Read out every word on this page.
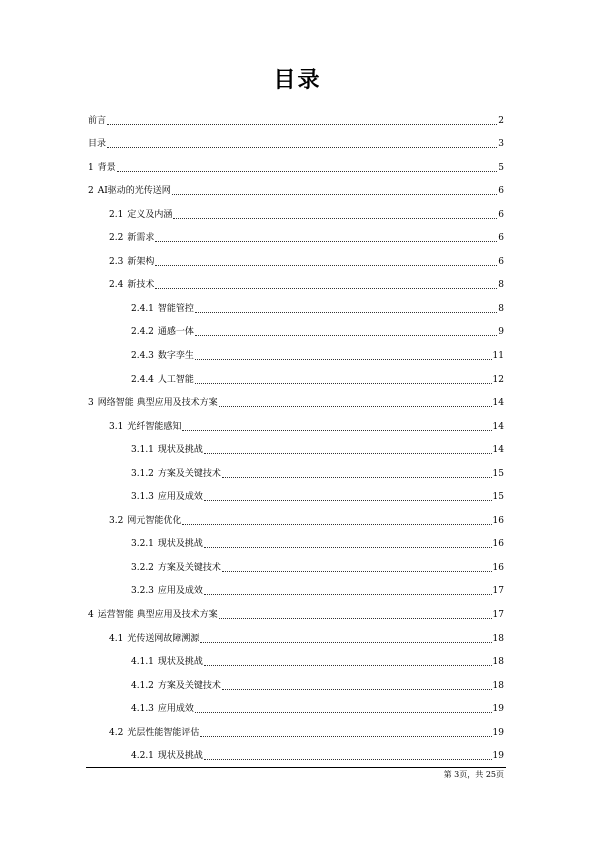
目录
前言	2
目录	3
1 背景	5
2 AI驱动的光传送网	6
2.1 定义及内涵	6
2.2 新需求	6
2.3 新架构	6
2.4 新技术	8
2.4.1 智能管控	8
2.4.2 通感一体	9
2.4.3 数字孪生	11
2.4.4 人工智能	12
3 网络智能 典型应用及技术方案	14
3.1 光纤智能感知	14
3.1.1 现状及挑战	14
3.1.2 方案及关键技术	15
3.1.3 应用及成效	15
3.2 网元智能优化	16
3.2.1 现状及挑战	16
3.2.2 方案及关键技术	16
3.2.3 应用及成效	17
4 运营智能 典型应用及技术方案	17
4.1 光传送网故障溯源	18
4.1.1 现状及挑战	18
4.1.2 方案及关键技术	18
4.1.3 应用成效	19
4.2 光层性能智能评估	19
4.2.1 现状及挑战	19
第 3页，共 25页
